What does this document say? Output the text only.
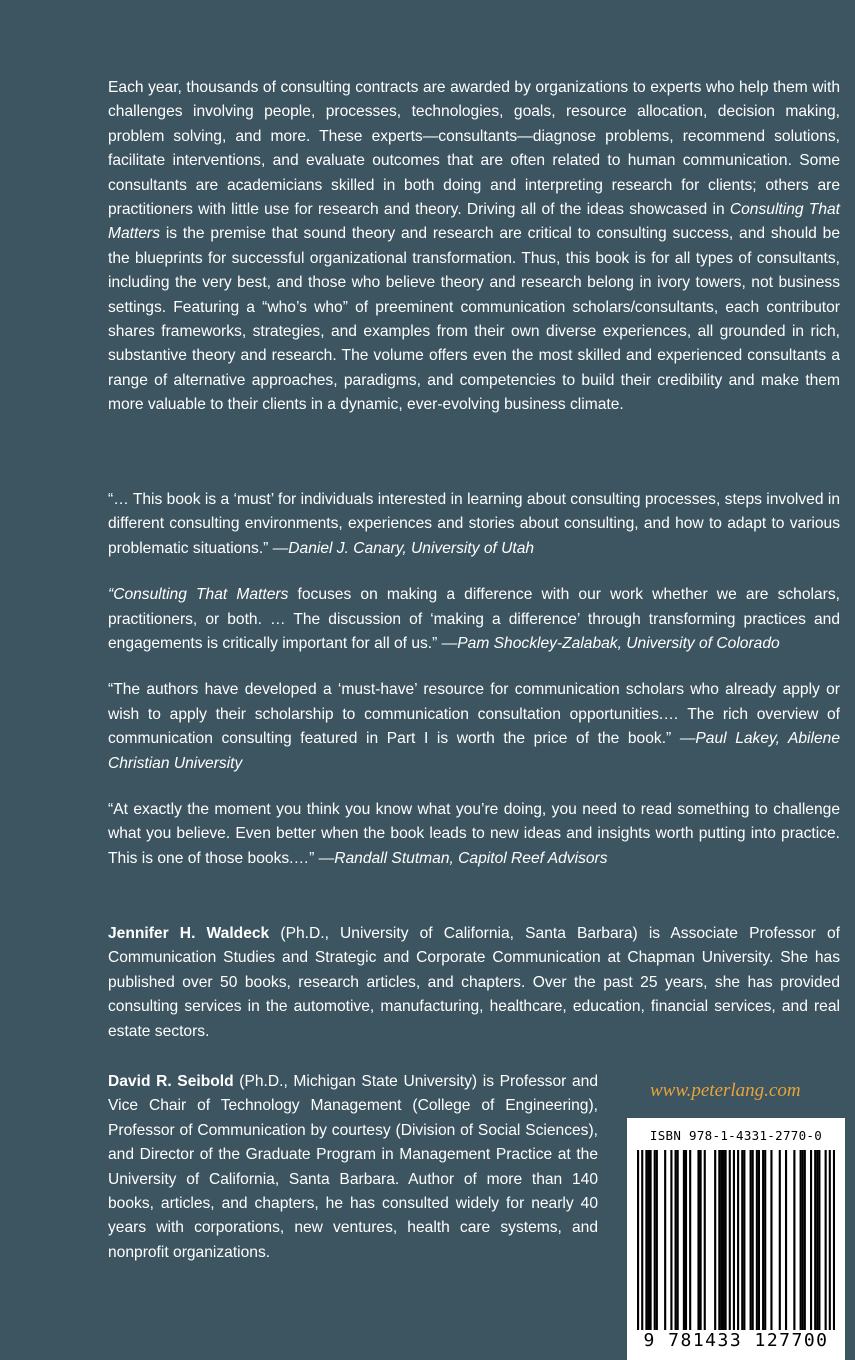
Each year, thousands of consulting contracts are awarded by organizations to experts who help them with challenges involving people, processes, technologies, goals, resource allocation, decision making, problem solving, and more. These experts—consultants—diagnose problems, recommend solutions, facilitate interventions, and evaluate outcomes that are often related to human communication. Some consultants are academicians skilled in both doing and interpreting research for clients; others are practitioners with little use for research and theory. Driving all of the ideas showcased in Consulting That Matters is the premise that sound theory and research are critical to consulting success, and should be the blueprints for successful organizational transformation. Thus, this book is for all types of consultants, including the very best, and those who believe theory and research belong in ivory towers, not business settings. Featuring a “who’s who” of preeminent communication scholars/consultants, each contributor shares frameworks, strategies, and examples from their own diverse experiences, all grounded in rich, substantive theory and research. The volume offers even the most skilled and experienced consultants a range of alternative approaches, paradigms, and competencies to build their credibility and make them more valuable to their clients in a dynamic, ever-evolving business climate.

“… This book is a ‘must’ for individuals interested in learning about consulting processes, steps involved in different consulting environments, experiences and stories about consulting, and how to adapt to various problematic situations.” —Daniel J. Canary, University of Utah

“Consulting That Matters focuses on making a difference with our work whether we are scholars, practitioners, or both. … The discussion of ‘making a difference’ through transforming practices and engagements is critically important for all of us.” —Pam Shockley-Zalabak, University of Colorado

“The authors have developed a ‘must-have’ resource for communication scholars who already apply or wish to apply their scholarship to communication consultation opportunities.… The rich overview of communication consulting featured in Part I is worth the price of the book.” —Paul Lakey, Abilene Christian University

“At exactly the moment you think you know what you’re doing, you need to read something to challenge what you believe. Even better when the book leads to new ideas and insights worth putting into practice. This is one of those books.…” —Randall Stutman, Capitol Reef Advisors

Jennifer H. Waldeck (Ph.D., University of California, Santa Barbara) is Associate Professor of Communication Studies and Strategic and Corporate Communication at Chapman University. She has published over 50 books, research articles, and chapters. Over the past 25 years, she has provided consulting services in the automotive, manufacturing, healthcare, education, financial services, and real estate sectors.

David R. Seibold (Ph.D., Michigan State University) is Professor and Vice Chair of Technology Management (College of Engineering), Professor of Communication by courtesy (Division of Social Sciences), and Director of the Graduate Program in Management Practice at the University of California, Santa Barbara. Author of more than 140 books, articles, and chapters, he has consulted widely for nearly 40 years with corporations, new ventures, health care systems, and nonprofit organizations.

www.peterlang.com
ISBN 978-1-4331-2770-0
9 781433 127700
